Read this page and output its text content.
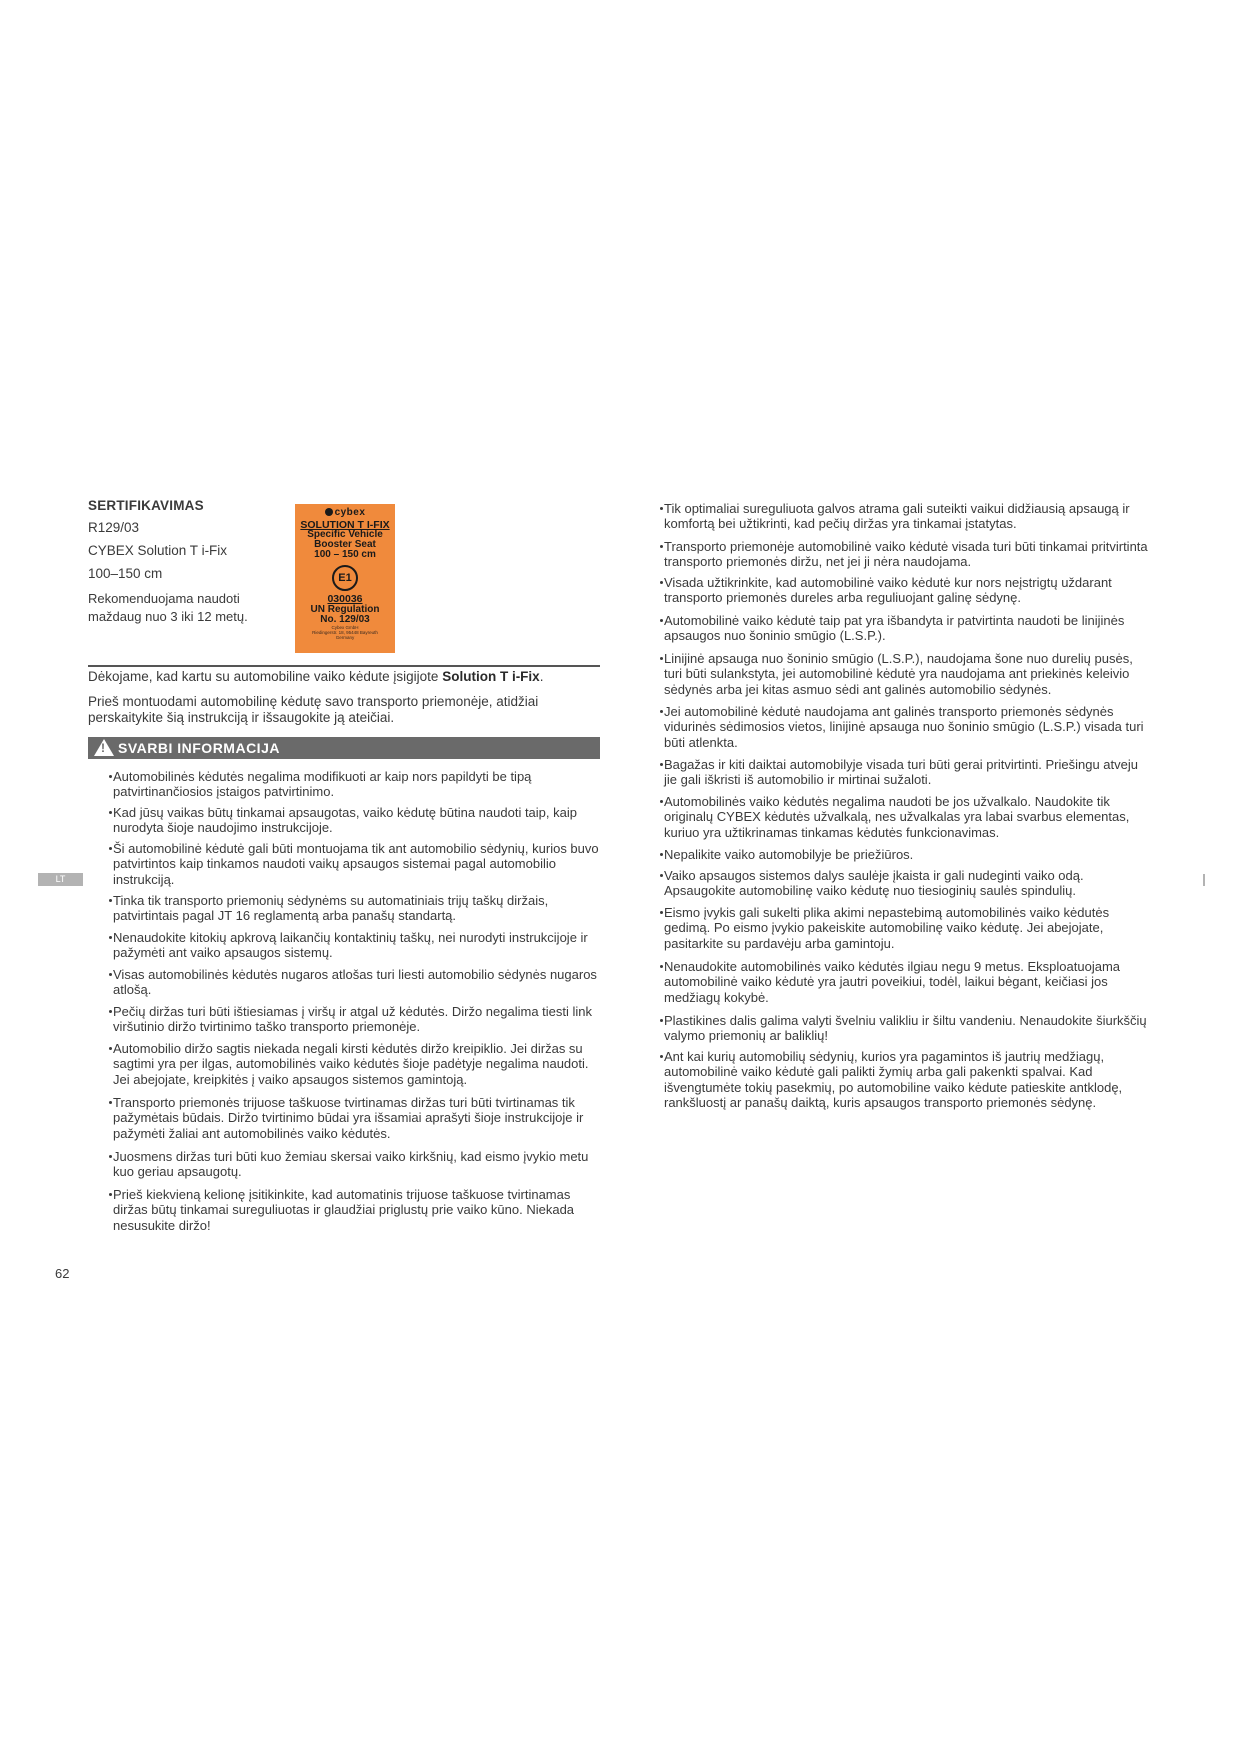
SERTIFIKAVIMAS
R129/03
CYBEX Solution T i-Fix
100–150 cm
Rekomenduojama naudoti maždaug nuo 3 iki 12 metų.
cybex
SOLUTION T I-FIX
Specific Vehicle
Booster Seat
100 – 150 cm
E1
030036
UN Regulation
No. 129/03
Cybex GmbH
Riedingerstr. 18, 95448 Bayreuth
Germany
Dėkojame, kad kartu su automobiline vaiko kėdute įsigijote Solution T i-Fix.
Prieš montuodami automobilinę kėdutę savo transporto priemonėje, atidžiai perskaitykite šią instrukciją ir išsaugokite ją ateičiai.
! SVARBI INFORMACIJA
Automobilinės kėdutės negalima modifikuoti ar kaip nors papildyti be tipą patvirtinančiosios įstaigos patvirtinimo.
Kad jūsų vaikas būtų tinkamai apsaugotas, vaiko kėdutę būtina naudoti taip, kaip nurodyta šioje naudojimo instrukcijoje.
Ši automobilinė kėdutė gali būti montuojama tik ant automobilio sėdynių, kurios buvo patvirtintos kaip tinkamos naudoti vaikų apsaugos sistemai pagal automobilio instrukciją.
Tinka tik transporto priemonių sėdynėms su automatiniais trijų taškų diržais, patvirtintais pagal JT 16 reglamentą arba panašų standartą.
Nenaudokite kitokių apkrovą laikančių kontaktinių taškų, nei nurodyti instrukcijoje ir pažymėti ant vaiko apsaugos sistemų.
Visas automobilinės kėdutės nugaros atlošas turi liesti automobilio sėdynės nugaros atlošą.
Pečių diržas turi būti ištiesiamas į viršų ir atgal už kėdutės. Diržo negalima tiesti link viršutinio diržo tvirtinimo taško transporto priemonėje.
Automobilio diržo sagtis niekada negali kirsti kėdutės diržo kreipiklio. Jei diržas su sagtimi yra per ilgas, automobilinės vaiko kėdutės šioje padėtyje negalima naudoti. Jei abejojate, kreipkitės į vaiko apsaugos sistemos gamintoją.
Transporto priemonės trijuose taškuose tvirtinamas diržas turi būti tvirtinamas tik pažymėtais būdais. Diržo tvirtinimo būdai yra išsamiai aprašyti šioje instrukcijoje ir pažymėti žaliai ant automobilinės vaiko kėdutės.
Juosmens diržas turi būti kuo žemiau skersai vaiko kirkšnių, kad eismo įvykio metu kuo geriau apsaugotų.
Prieš kiekvieną kelionę įsitikinkite, kad automatinis trijuose taškuose tvirtinamas diržas būtų tinkamai sureguliuotas ir glaudžiai priglustų prie vaiko kūno. Niekada nesusukite diržo!
Tik optimaliai sureguliuota galvos atrama gali suteikti vaikui didžiausią apsaugą ir komfortą bei užtikrinti, kad pečių diržas yra tinkamai įstatytas.
Transporto priemonėje automobilinė vaiko kėdutė visada turi būti tinkamai pritvirtinta transporto priemonės diržu, net jei ji nėra naudojama.
Visada užtikrinkite, kad automobilinė vaiko kėdutė kur nors neįstrigtų uždarant transporto priemonės dureles arba reguliuojant galinę sėdynę.
Automobilinė vaiko kėdutė taip pat yra išbandyta ir patvirtinta naudoti be linijinės apsaugos nuo šoninio smūgio (L.S.P.).
Linijinė apsauga nuo šoninio smūgio (L.S.P.), naudojama šone nuo durelių pusės, turi būti sulankstyta, jei automobilinė kėdutė yra naudojama ant priekinės keleivio sėdynės arba jei kitas asmuo sėdi ant galinės automobilio sėdynės.
Jei automobilinė kėdutė naudojama ant galinės transporto priemonės sėdynės vidurinės sėdimosios vietos, linijinė apsauga nuo šoninio smūgio (L.S.P.) visada turi būti atlenkta.
Bagažas ir kiti daiktai automobilyje visada turi būti gerai pritvirtinti. Priešingu atveju jie gali iškristi iš automobilio ir mirtinai sužaloti.
Automobilinės vaiko kėdutės negalima naudoti be jos užvalkalo. Naudokite tik originalų CYBEX kėdutės užvalkalą, nes užvalkalas yra labai svarbus elementas, kuriuo yra užtikrinamas tinkamas kėdutės funkcionavimas.
Nepalikite vaiko automobilyje be priežiūros.
Vaiko apsaugos sistemos dalys saulėje įkaista ir gali nudeginti vaiko odą. Apsaugokite automobilinę vaiko kėdutę nuo tiesioginių saulės spindulių.
Eismo įvykis gali sukelti plika akimi nepastebimą automobilinės vaiko kėdutės gedimą. Po eismo įvykio pakeiskite automobilinę vaiko kėdutę. Jei abejojate, pasitarkite su pardavėju arba gamintoju.
Nenaudokite automobilinės vaiko kėdutės ilgiau negu 9 metus. Eksploatuojama automobilinė vaiko kėdutė yra jautri poveikiui, todėl, laikui bėgant, keičiasi jos medžiagų kokybė.
Plastikines dalis galima valyti švelniu valikliu ir šiltu vandeniu. Nenaudokite šiurkščių valymo priemonių ar baliklių!
Ant kai kurių automobilių sėdynių, kurios yra pagamintos iš jautrių medžiagų, automobilinė vaiko kėdutė gali palikti žymių arba gali pakenkti spalvai. Kad išvengtumėte tokių pasekmių, po automobiline vaiko kėdute patieskite antklodę, rankšluostį ar panašų daiktą, kuris apsaugos transporto priemonės sėdynę.
LT
62
